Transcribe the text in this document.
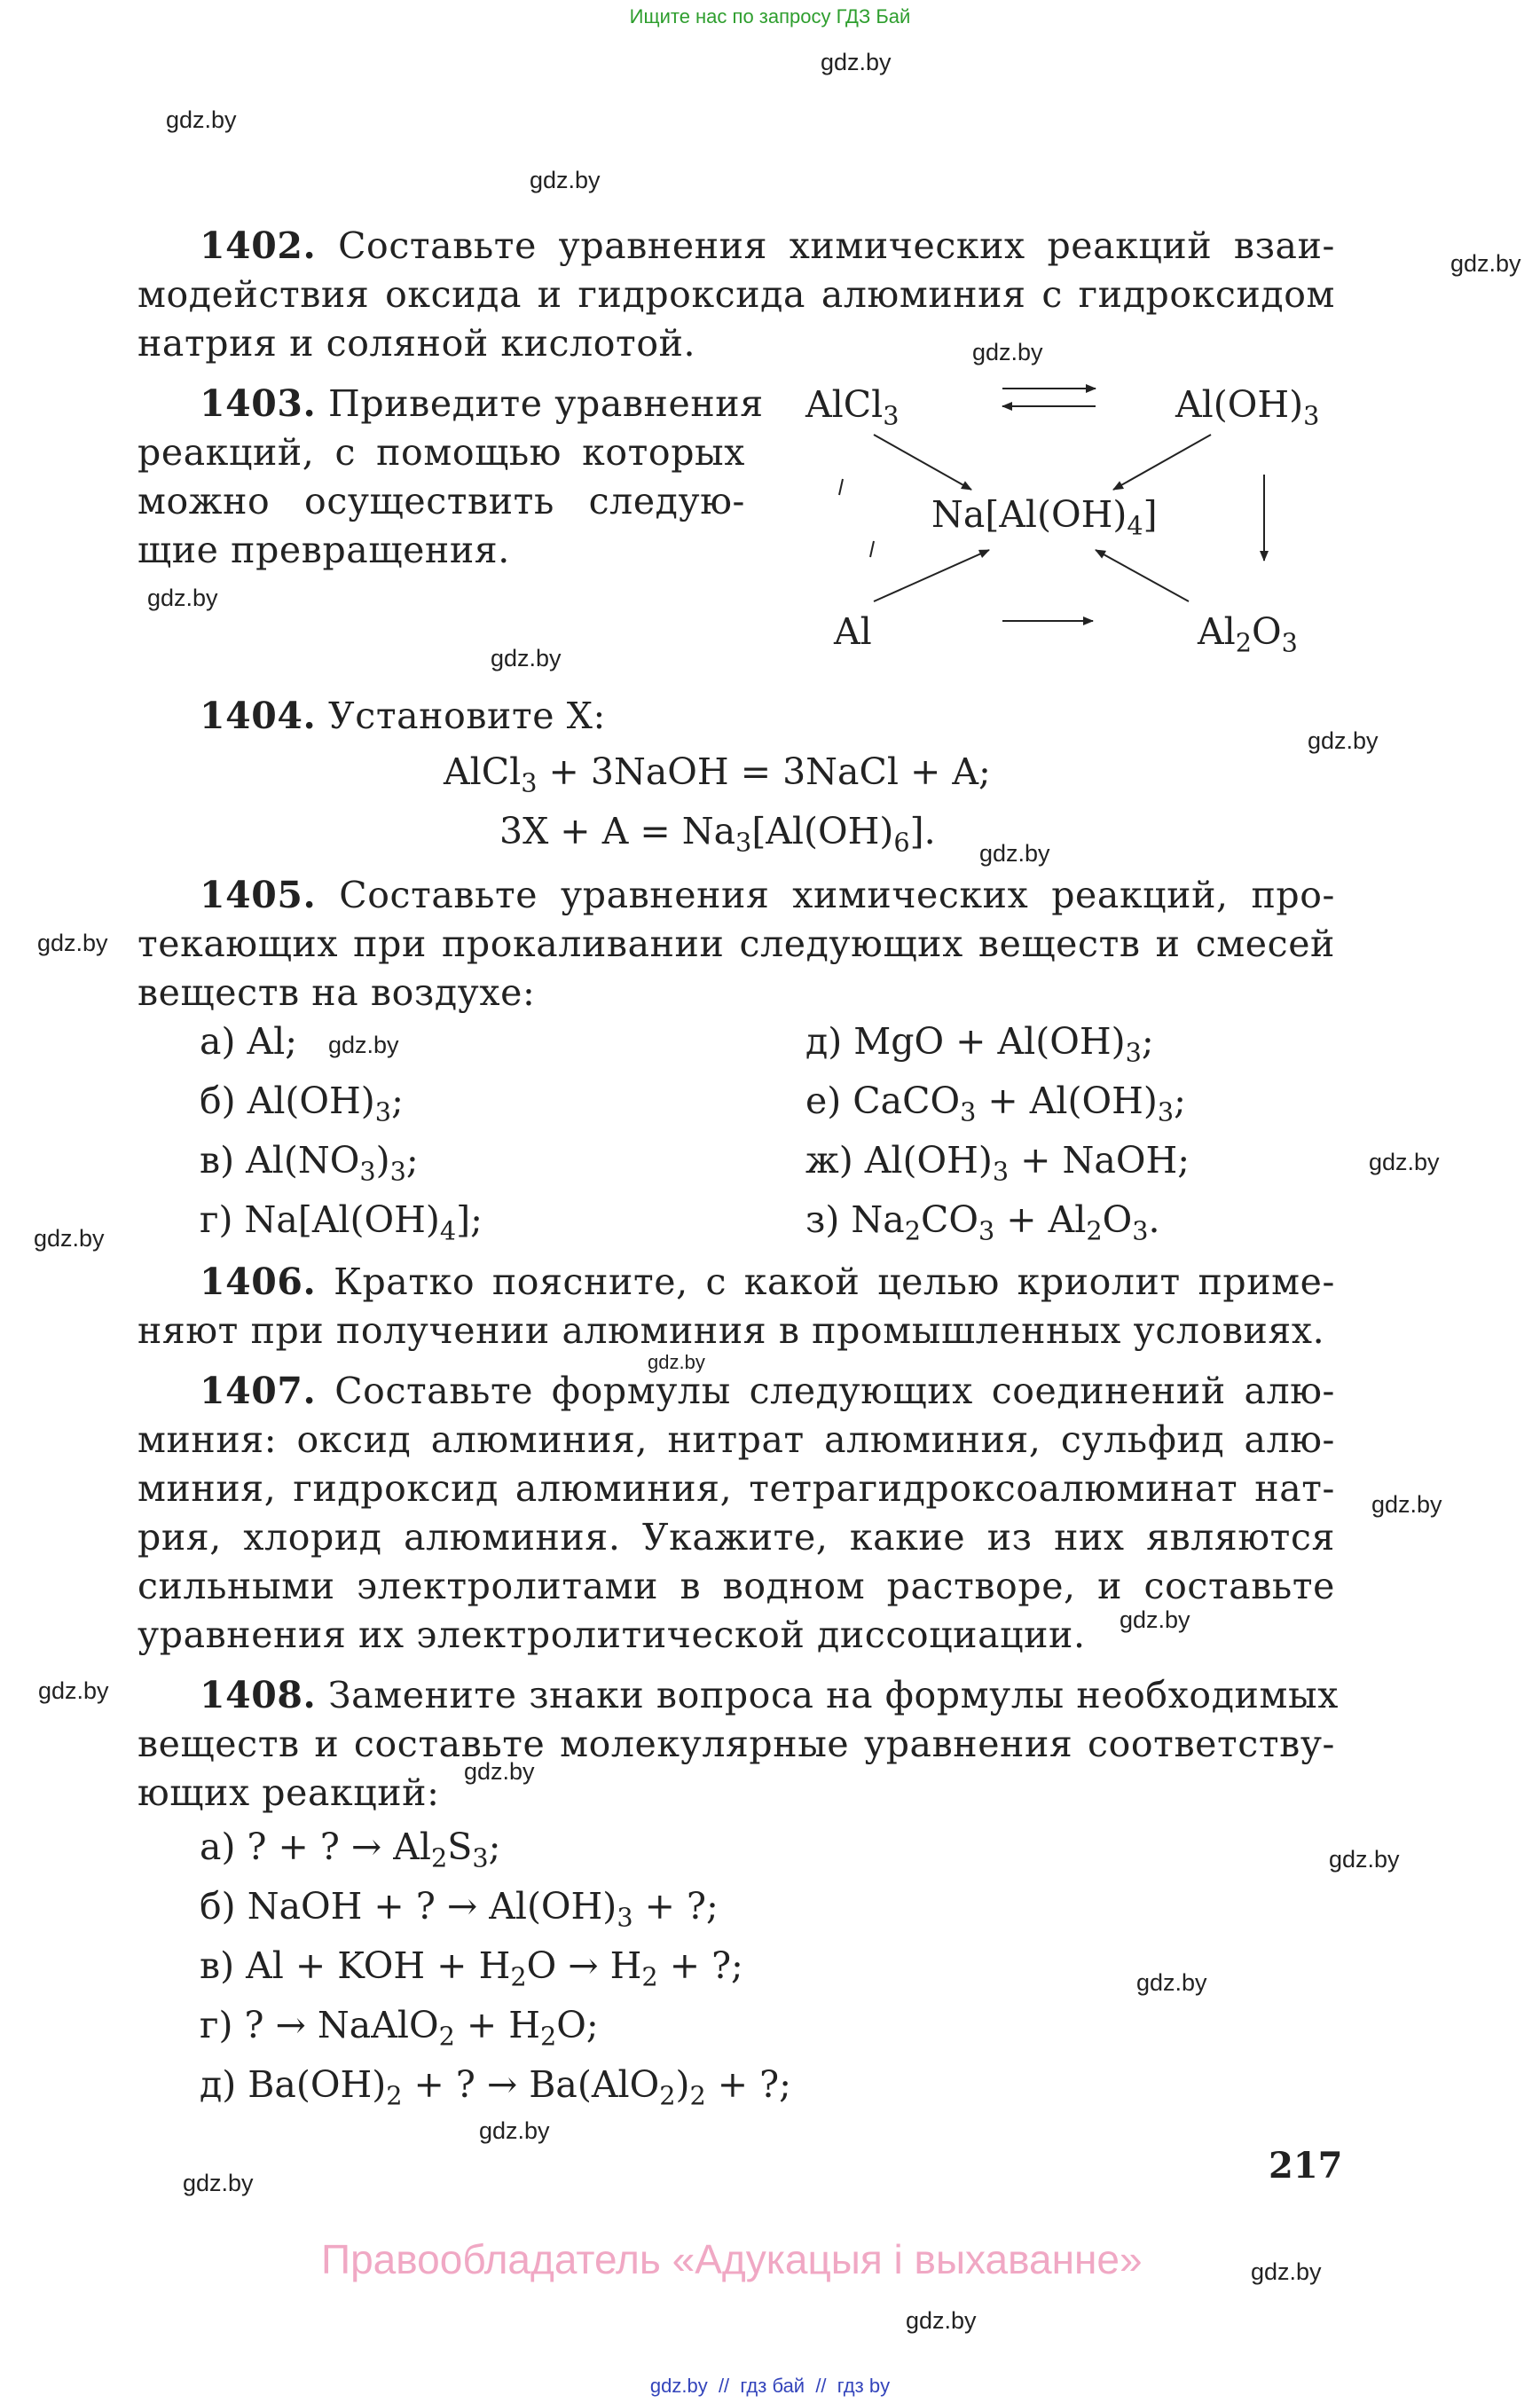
Ищите нас по запросу ГДЗ Бай
gdz.by
gdz.by
gdz.by
gdz.by
gdz.by
gdz.by
gdz.by
gdz.by
gdz.by
gdz.by
gdz.by
gdz.by
gdz.by
gdz.by
gdz.by
gdz.by
gdz.by
gdz.by
gdz.by
gdz.by
gdz.by
gdz.by
gdz.by
gdz.by
1402. Составьте уравнения химических реакций взаи-
модействия оксида и гидроксида алюминия с гидроксидом
натрия и соляной кислотой.
1403. Приведите уравнения
реакций, с помощью которых
можно осуществить следую-
щие превращения.
AlCl$_3$	$Al(OH)_3$
$Na[Al(OH)_4]$
Al	$Al_2O_3$
1404. Установите X:
AlCl$_3$ + 3NaOH = 3NaCl + A;
$3X + A = Na_3[Al(OH)_6]$.
1405. Составьте уравнения химических реакций, про-
текающих при прокаливании следующих веществ и смесей
веществ на воздухе:
а) Al;
б) $Al(OH)_3$;
в) $Al(NO_3)_3$;
г) $Na[Al(OH)_4]$;
д) MgO + $Al(OH)_3$;
е) CaCO$_3$ + $Al(OH)_3$;
ж) $Al(OH)_3$ + NaOH;
з) $Na_2CO_3 + Al_2O_3$.
1406. Кратко поясните, с какой целью криолит приме-
няют при получении алюминия в промышленных условиях.
1407. Составьте формулы следующих соединений алю-
миния: оксид алюминия, нитрат алюминия, сульфид алю-
миния, гидроксид алюминия, тетрагидроксоалюминат нат-
рия, хлорид алюминия. Укажите, какие из них являются
сильными электролитами в водном растворе, и составьте
уравнения их электролитической диссоциации.
1408. Замените знаки вопроса на формулы необходимых
веществ и составьте молекулярные уравнения соответству-
ющих реакций:
а) ? + ? → $Al_2S_3$;
б) NaOH + ? → $Al(OH)_3$ + ?;
в) Al + KOH + $H_2O \to H_2$ + ?;
г) ? → NaAlO$_2$ + $H_2O$;
д) $Ba(OH)_2$ + ? → $Ba(AlO_2)_2$ + ?;
217
Правообладатель «Адукацыя і выхаванне»
gdz.by  //  гдз бай  //  гдз by
